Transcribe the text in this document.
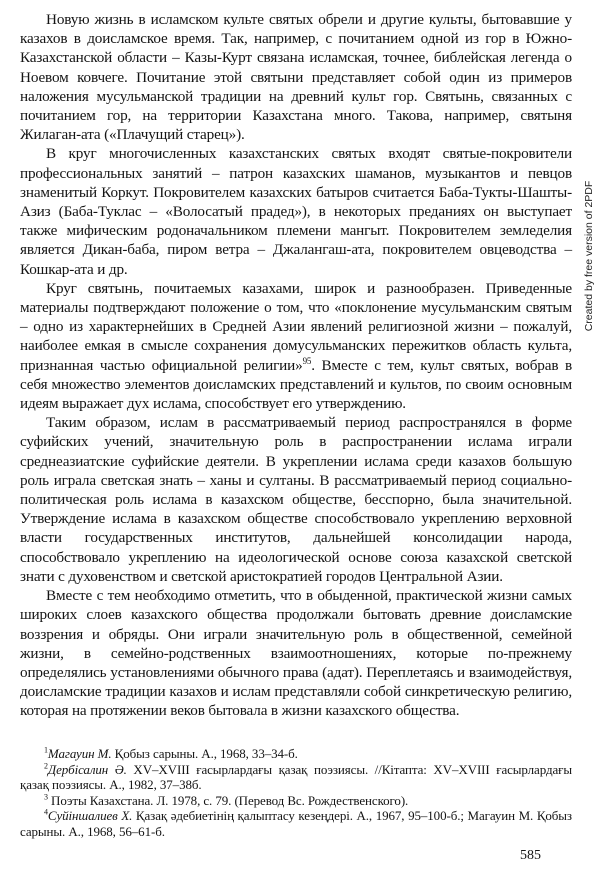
Новую жизнь в исламском культе святых обрели и другие культы, бытовавшие у казахов в доисламское время. Так, например, с почитанием одной из гор в Южно-Казахстанской области – Казы-Курт связана исламская, точнее, библейская легенда о Ноевом ковчеге. Почитание этой святыни представляет собой один из примеров наложения мусульманской традиции на древний культ гор. Святынь, связанных с почитанием гор, на территории Казахстана много. Такова, например, святыня Жилаган-ата («Плачущий старец»).

В круг многочисленных казахстанских святых входят святые-покровители профессиональных занятий – патрон казахских шаманов, музыкантов и певцов знаменитый Коркут. Покровителем казахских батыров считается Баба-Тукты-Шашты-Азиз (Баба-Туклас – «Волосатый прадед»), в некоторых преданиях он выступает также мифическим родоначальником племени мангыт. Покровителем земледелия является Дикан-баба, пиром ветра – Джалангаш-ата, покровителем овцеводства – Кошкар-ата и др.

Круг святынь, почитаемых казахами, широк и разнообразен. Приведенные материалы подтверждают положение о том, что «поклонение мусульманским святым – одно из характернейших в Средней Азии явлений религиозной жизни – пожалуй, наиболее емкая в смысле сохранения домусульманских пережитков область культа, признанная частью официальной религии»$^{95}$. Вместе с тем, культ святых, вобрав в себя множество элементов доисламских представлений и культов, по своим основным идеям выражает дух ислама, способствует его утверждению.

Таким образом, ислам в рассматриваемый период распространялся в форме суфийских учений, значительную роль в распространении ислама играли среднеазиатские суфийские деятели. В укреплении ислама среди казахов большую роль играла светская знать – ханы и султаны. В рассматриваемый период социально-политическая роль ислама в казахском обществе, бесспорно, была значительной. Утверждение ислама в казахском обществе способствовало укреплению верховной власти государственных институтов, дальнейшей консолидации народа, способствовало укреплению на идеологической основе союза казахской светской знати с духовенством и светской аристократией городов Центральной Азии.

Вместе с тем необходимо отметить, что в обыденной, практической жизни самых широких слоев казахского общества продолжали бытовать древние доисламские воззрения и обряды. Они играли значительную роль в общественной, семейной жизни, в семейно-родственных взаимоотношениях, которые по-прежнему определялись установлениями обычного права (адат). Переплетаясь и взаимодействуя, доисламские традиции казахов и ислам представляли собой синкретическую религию, которая на протяжении веков бытовала в жизни казахского общества.

$^1$Магауин М. Қобыз сарыны. А., 1968, 33–34-б.

$^2$Дербісалин Ә. XV–XVIII ғасырлардағы қазақ поэзиясы. //Кітапта: XV–XVIII ғасырлардағы қазақ поэзиясы. А., 1982, 37–38б.

$^3$ Поэты Казахстана. Л. 1978, с. 79. (Перевод Вс. Рождественского).

$^4$Суйіншалиев Х. Қазақ әдебиетінің қалыптасу кезеңдері. А., 1967, 95–100-б.; Магауин М. Қобыз сарыны. А., 1968, 56–61-б.

585
Created by free version of 2PDF
